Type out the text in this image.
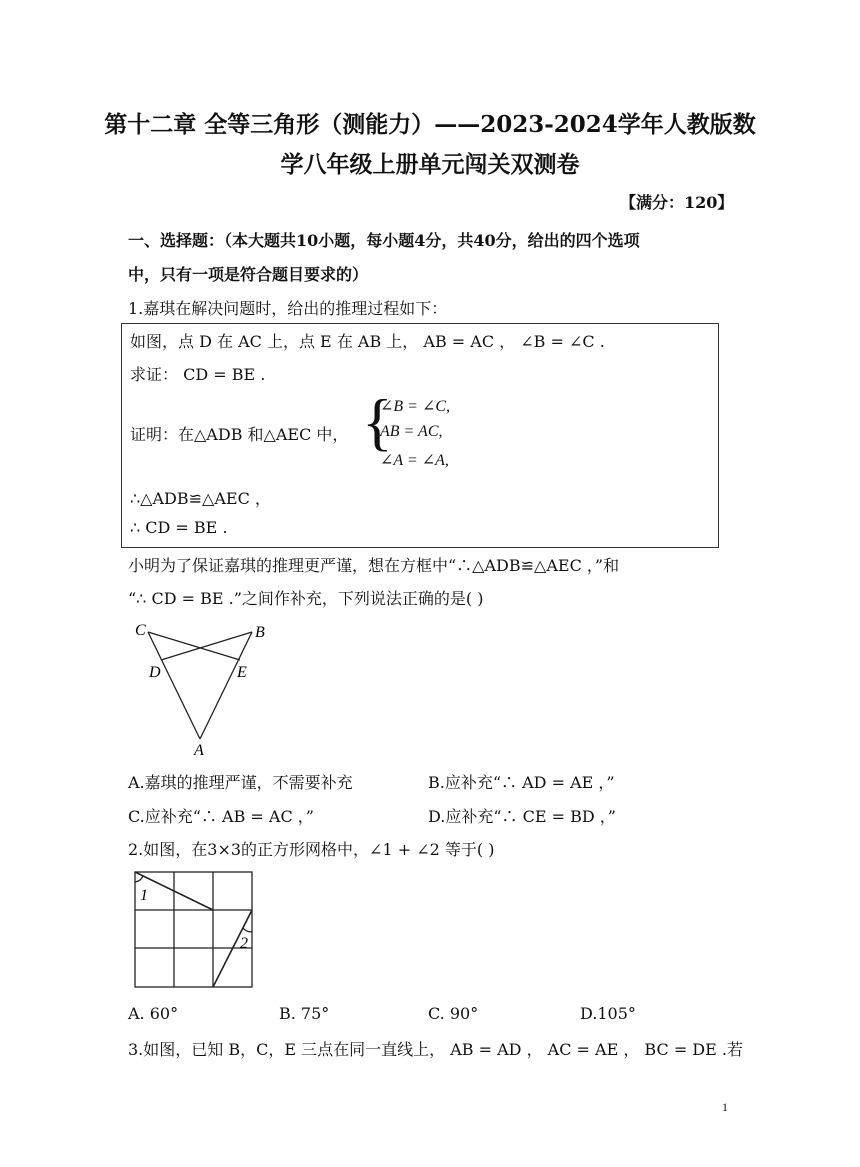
第十二章 全等三角形（测能力）——2023-2024学年人教版数
学八年级上册单元闯关双测卷
【满分：120】
一、选择题：（本大题共10小题，每小题4分，共40分，给出的四个选项
中，只有一项是符合题目要求的）
1.嘉琪在解决问题时，给出的推理过程如下：
如图，点 D 在 AC 上，点 E 在 AB 上， AB = AC ， ∠B = ∠C .
求证： CD = BE .
证明：在△ADB 和△AEC 中， {
∠B = ∠C,
AB = AC,
∠A = ∠A,
∴△ADB≌△AEC ，
∴ CD = BE .
小明为了保证嘉琪的推理更严谨，想在方框中“∴△ADB≌△AEC ，”和
“∴ CD = BE .”之间作补充，下列说法正确的是( )
C	B
D	E
A
A.嘉琪的推理严谨，不需要补充	B.应补充“∴ AD = AE ，”
C.应补充“∴ AB = AC ，”	D.应补充“∴ CE = BD ，”
2.如图，在3×3的正方形网格中，∠1 + ∠2 等于( )
1
2
A. 60°	B. 75°	C. 90°	D.105°
3.如图，已知 B，C，E 三点在同一直线上， AB = AD ， AC = AE ， BC = DE .若
1
